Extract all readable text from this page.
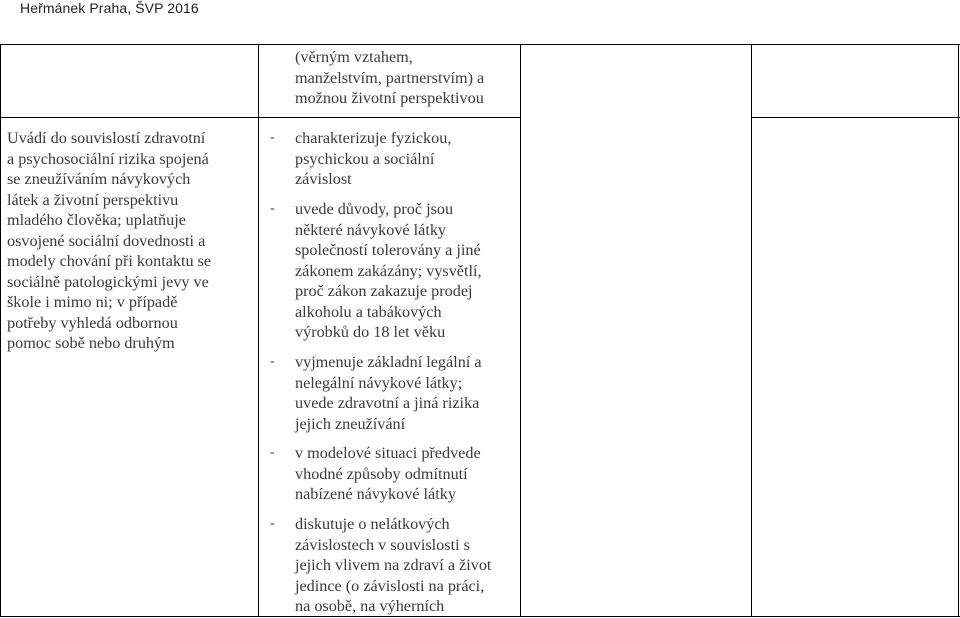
Heřmánek Praha, ŠVP 2016
(věrným vztahem,
manželstvím, partnerstvím) a
možnou životní perspektivou
Uvádí do souvislostí zdravotní
a psychosociální rizika spojená
se zneužíváním návykových
látek a životní perspektivu
mladého člověka; uplatňuje
osvojené sociální dovednosti a
modely chování při kontaktu se
sociálně patologickými jevy ve
škole i mimo ni; v případě
potřeby vyhledá odbornou
pomoc sobě nebo druhým
- charakterizuje fyzickou,
psychickou a sociální
závislost
- uvede důvody, proč jsou
některé návykové látky
společností tolerovány a jiné
zákonem zakázány; vysvětlí,
proč zákon zakazuje prodej
alkoholu a tabákových
výrobků do 18 let věku
- vyjmenuje základní legální a
nelegální návykové látky;
uvede zdravotní a jiná rizika
jejich zneužívání
- v modelové situaci předvede
vhodné způsoby odmítnutí
nabízené návykové látky
- diskutuje o nelátkových
závislostech v souvislosti s
jejich vlivem na zdraví a život
jedince (o závislosti na práci,
na osobě, na výherních
